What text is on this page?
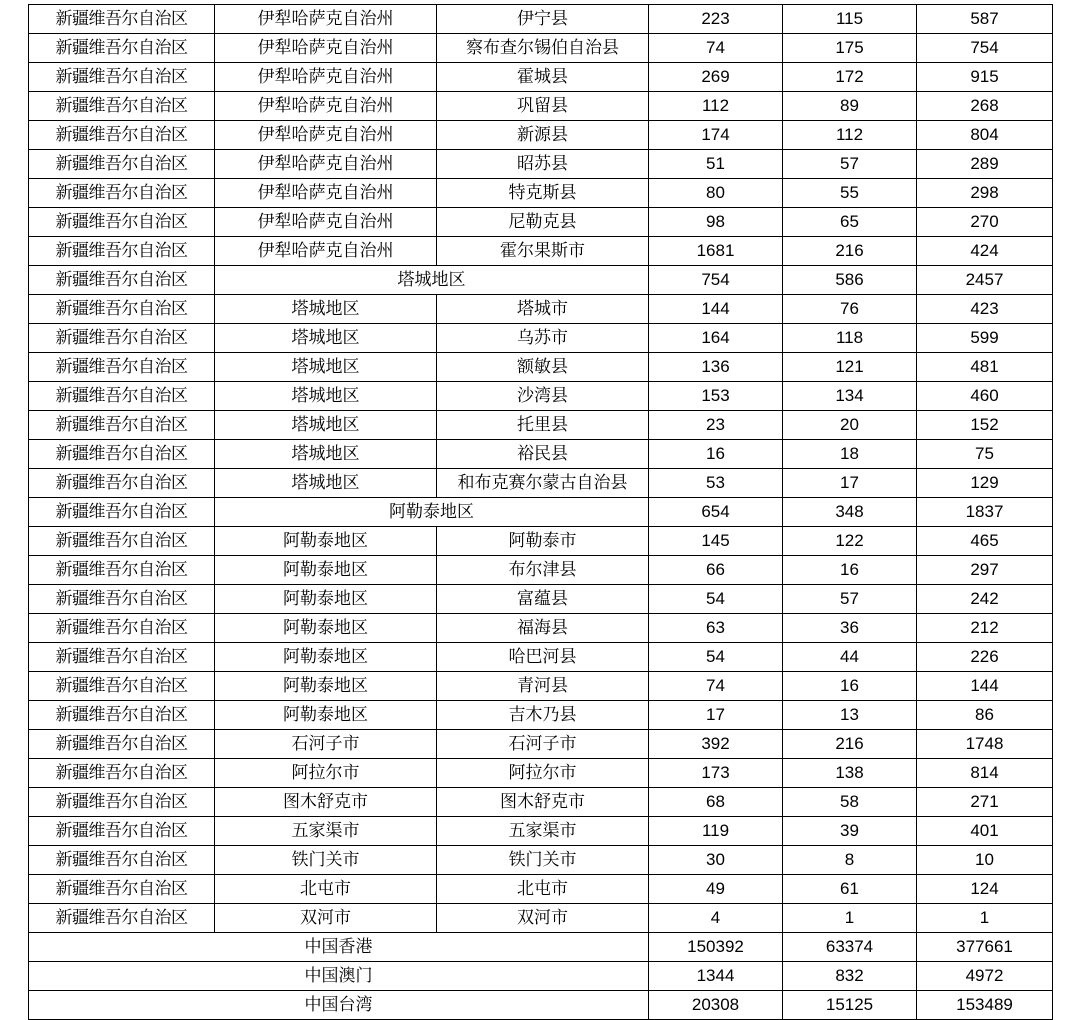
新疆维吾尔自治区	伊犁哈萨克自治州	伊宁县	223	115	587
新疆维吾尔自治区	伊犁哈萨克自治州	察布查尔锡伯自治县	74	175	754
新疆维吾尔自治区	伊犁哈萨克自治州	霍城县	269	172	915
新疆维吾尔自治区	伊犁哈萨克自治州	巩留县	112	89	268
新疆维吾尔自治区	伊犁哈萨克自治州	新源县	174	112	804
新疆维吾尔自治区	伊犁哈萨克自治州	昭苏县	51	57	289
新疆维吾尔自治区	伊犁哈萨克自治州	特克斯县	80	55	298
新疆维吾尔自治区	伊犁哈萨克自治州	尼勒克县	98	65	270
新疆维吾尔自治区	伊犁哈萨克自治州	霍尔果斯市	1681	216	424
新疆维吾尔自治区	塔城地区		754	586	2457
新疆维吾尔自治区	塔城地区	塔城市	144	76	423
新疆维吾尔自治区	塔城地区	乌苏市	164	118	599
新疆维吾尔自治区	塔城地区	额敏县	136	121	481
新疆维吾尔自治区	塔城地区	沙湾县	153	134	460
新疆维吾尔自治区	塔城地区	托里县	23	20	152
新疆维吾尔自治区	塔城地区	裕民县	16	18	75
新疆维吾尔自治区	塔城地区	和布克赛尔蒙古自治县	53	17	129
新疆维吾尔自治区	阿勒泰地区		654	348	1837
新疆维吾尔自治区	阿勒泰地区	阿勒泰市	145	122	465
新疆维吾尔自治区	阿勒泰地区	布尔津县	66	16	297
新疆维吾尔自治区	阿勒泰地区	富蕴县	54	57	242
新疆维吾尔自治区	阿勒泰地区	福海县	63	36	212
新疆维吾尔自治区	阿勒泰地区	哈巴河县	54	44	226
新疆维吾尔自治区	阿勒泰地区	青河县	74	16	144
新疆维吾尔自治区	阿勒泰地区	吉木乃县	17	13	86
新疆维吾尔自治区	石河子市	石河子市	392	216	1748
新疆维吾尔自治区	阿拉尔市	阿拉尔市	173	138	814
新疆维吾尔自治区	图木舒克市	图木舒克市	68	58	271
新疆维吾尔自治区	五家渠市	五家渠市	119	39	401
新疆维吾尔自治区	铁门关市	铁门关市	30	8	10
新疆维吾尔自治区	北屯市	北屯市	49	61	124
新疆维吾尔自治区	双河市	双河市	4	1	1
中国香港			150392	63374	377661
中国澳门			1344	832	4972
中国台湾			20308	15125	153489
